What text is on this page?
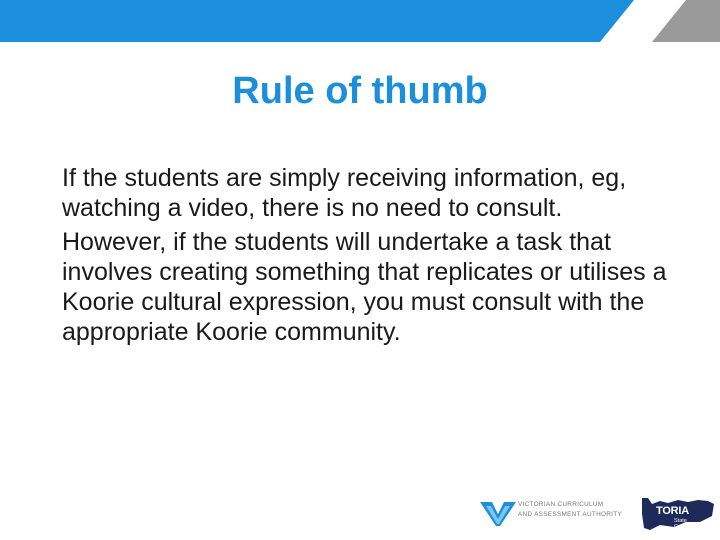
Rule of thumb

If the students are simply receiving information, eg, watching a video, there is no need to consult.

However, if the students will undertake a task that involves creating something that replicates or utilises a Koorie cultural expression, you must consult with the appropriate Koorie community.

VICTORIAN CURRICULUM
AND ASSESSMENT AUTHORITY	TORIA
State
Government
